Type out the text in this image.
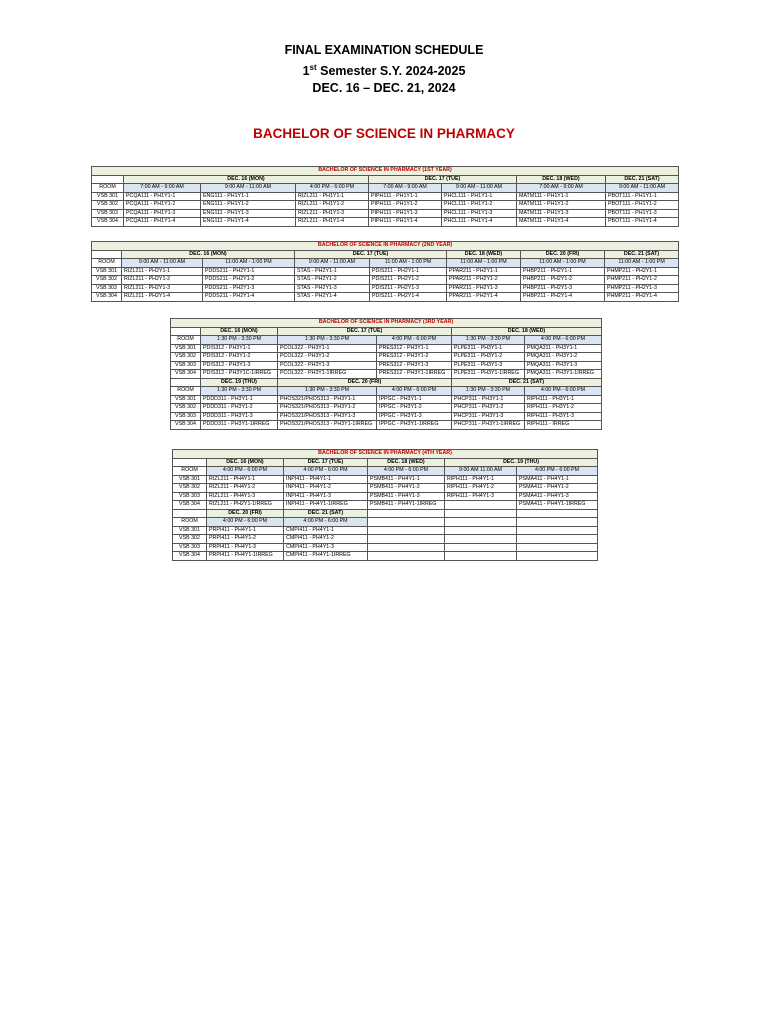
FINAL EXAMINATION SCHEDULE
1st Semester S.Y. 2024-2025
DEC. 16 – DEC. 21, 2024
BACHELOR OF SCIENCE IN PHARMACY
BACHELOR OF SCIENCE IN PHARMACY (1ST YEAR)							
	DEC. 16 (MON)			DEC. 17 (TUE)		DEC. 18 (WED)	DEC. 21 (SAT)
ROOM	7:00 AM - 9:00 AM	9:00 AM - 11:00 AM	4:00 PM - 6:00 PM	7:00 AM - 9:00 AM	9:00 AM - 11:00 AM	7:00 AM - 9:00 AM	9:00 AM - 11:00 AM
VSB 301	PCQA111 - PH1Y1-1	ENG111 - PH1Y1-1	RIZL211 - PH1Y1-1	PIPH111 - PH1Y1-1	PHCL111 - PH1Y1-1	MATM111 - PH1Y1-1	PBOT111 - PH1Y1-1
VSB 302	PCQA111 - PH1Y1-2	ENG111 - PH1Y1-2	RIZL211 - PH1Y1-2	PIPH111 - PH1Y1-2	PHCL111 - PH1Y1-2	MATM111 - PH1Y1-2	PBOT111 - PH1Y1-2
VSB 303	PCQA111 - PH1Y1-3	ENG111 - PH1Y1-3	RIZL211 - PH1Y1-3	PIPH111 - PH1Y1-3	PHCL111 - PH1Y1-3	MATM111 - PH1Y1-3	PBOT111 - PH1Y1-3
VSB 304	PCQA111 - PH1Y1-4	ENG111 - PH1Y1-4	RIZL211 - PH1Y1-4	PIPH111 - PH1Y1-4	PHCL111 - PH1Y1-4	MATM111 - PH1Y1-4	PBOT111 - PH1Y1-4
BACHELOR OF SCIENCE IN PHARMACY (2ND YEAR)							
	DEC. 16 (MON)		DEC. 17 (TUE)		DEC. 18 (WED)	DEC. 20 (FRI)	DEC. 21 (SAT)
ROOM	9:00 AM - 11:00 AM	11:00 AM - 1:00 PM	9:00 AM - 11:00 AM	11:00 AM - 1:00 PM	11:00 AM - 1:00 PM	11:00 AM - 1:00 PM	11:00 AM - 1:00 PM
VSB 301	RIZL211 - PH2Y1-1	PDDS211 - PH2Y1-1	STAS - PH2Y1-1	PDIS211 - PH2Y1-1	PPAR211 - PH2Y1-1	PHBP211 - PH2Y1-1	PHMP211 - PH2Y1-1
VSB 302	RIZL211 - PH2Y1-2	PDDS211 - PH2Y1-2	STAS - PH2Y1-2	PDIS211 - PH2Y1-2	PPAR211 - PH2Y1-2	PHBP211 - PH2Y1-2	PHMP211 - PH2Y1-2
VSB 303	RIZL211 - PH2Y1-3	PDDS211 - PH2Y1-3	STAS - PH2Y1-3	PDIS211 - PH2Y1-3	PPAR211 - PH2Y1-3	PHBP211 - PH2Y1-3	PHMP211 - PH2Y1-3
VSB 304	RIZL211 - PH2Y1-4	PDDS211 - PH2Y1-4	STAS - PH2Y1-4	PDIS211 - PH2Y1-4	PPAR211 - PH2Y1-4	PHBP211 - PH2Y1-4	PHMP211 - PH2Y1-4
BACHELOR OF SCIENCE IN PHARMACY (3RD YEAR)					
	DEC. 16 (MON)	DEC. 17 (TUE)		DEC. 18 (WED)	
ROOM	1:30 PM - 3:30 PM	1:30 PM - 3:30 PM	4:00 PM - 6:00 PM	1:30 PM - 3:30 PM	4:00 PM - 6:00 PM
VSB 301	PDIS312 - PH3Y1-1	PCOL322 - PH3Y1-1	PRES312 - PH3Y1-1	PLPE311 - PH3Y1-1	PMQA311 - PH3Y1-1
VSB 302	PDIS312 - PH3Y1-2	PCOL322 - PH3Y1-2	PRES312 - PH3Y1-2	PLPE311 - PH3Y1-2	PMQA311 - PH3Y1-2
VSB 303	PDIS312 - PH3Y1-3	PCOL322 - PH3Y1-3	PRES312 - PH3Y1-3	PLPE311 - PH3Y1-3	PMQA311 - PH3Y1-3
VSB 304	PDIS312 - PH3Y1C-1IRREG	PCOL322 - PH3Y1-1IRREG	PRES312 - PH3Y1-1IRREG	PLPE311 - PH3Y1-1IRREG	PMQA311 - PH3Y1-1IRREG
	DEC. 19 (THU)	DEC. 20 (FRI)		DEC. 21 (SAT)	
ROOM	1:30 PM - 3:30 PM	1:30 PM - 3:30 PM	4:00 PM - 6:00 PM	1:30 PM - 3:30 PM	4:00 PM - 6:00 PM
VSB 301	PDDD311 - PH3Y1-1	PHOS321/PHOS313 - PH3Y1-1	IPPGC - PH3Y1-1	PHCP311 - PH3Y1-1	RIPH111 - PH3Y1-1
VSB 302	PDDD311 - PH3Y1-2	PHOS321/PHOS313 - PH3Y1-2	IPPGC - PH3Y1-2	PHCP311 - PH3Y1-2	RIPH111 - PH3Y1-2
VSB 303	PDDD311 - PH3Y1-3	PHOS321/PHOS313 - PH3Y1-3	IPPGC - PH3Y1-3	PHCP311 - PH3Y1-3	RIPH111 - PH3Y1-3
VSB 304	PDDD311 - PH3Y1-1IRREG	PHOS321/PHOS313 - PH3Y1-1IRREG	IPPGC - PH3Y1-1IRREG	PHCP311 - PH3Y1-1IRREG	RIPH111 - IRREG
BACHELOR OF SCIENCE IN PHARMACY (4TH YEAR)					
	DEC. 16 (MON)	DEC. 17 (TUE)	DEC. 18 (WED)	DEC. 19 (THU)	
ROOM	4:00 PM - 6:00 PM	4:00 PM - 6:00 PM	4:00 PM - 6:00 PM	9:00 AM 11:00 AM	4:00 PM - 6:00 PM
VSB 301	RIZL211 - PH4Y1-1	INPI411 - PH4Y1-1	PSMB411 - PH4Y1-1	RIPH111 - PH4Y1-1	PSMA411 - PH4Y1-1
VSB 302	RIZL211 - PH4Y1-2	INPI411 - PH4Y1-2	PSMB411 - PH4Y1-2	RIPH111 - PH4Y1-2	PSMA411 - PH4Y1-2
VSB 303	RIZL211 - PH4Y1-3	INPI411 - PH4Y1-3	PSMB411 - PH4Y1-3	RIPH111 - PH4Y1-3	PSMA411 - PH4Y1-3
VSB 304	RIZL211 - PH2Y1-1IRREG	INPI411 - PH4Y1-1IRREG	PSMB411 - PH4Y1-1IRREG		PSMA411 - PH4Y1-1IRREG
	DEC. 20 (FRI)	DEC. 21 (SAT)			
ROOM	4:00 PM - 6:00 PM	4:00 PM - 6:00 PM			
VSB 301	PRPI411 - PH4Y1-1	CMPI411 - PH4Y1-1			
VSB 302	PRPI411 - PH4Y1-2	CMPI411 - PH4Y1-2			
VSB 303	PRPI411 - PH4Y1-3	CMPI411 - PH4Y1-3			
VSB 304	PRPI411 - PH4Y1-1IRREG	CMPI411 - PH4Y1-1IRREG			
